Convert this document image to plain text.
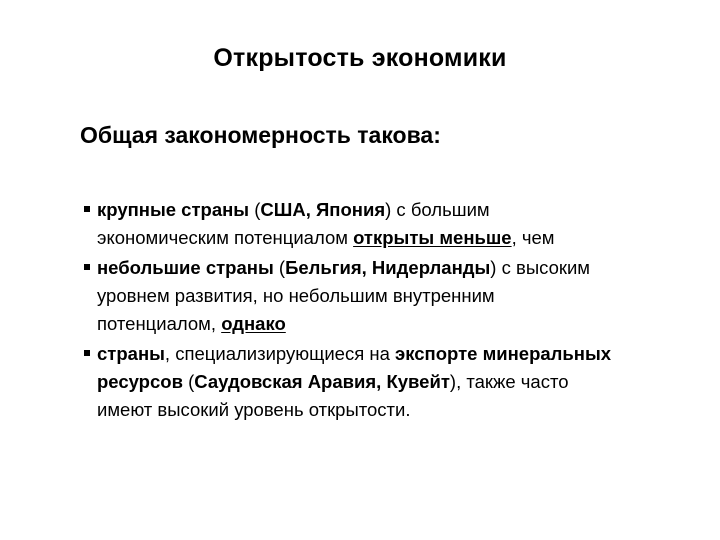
Открытость экономики
Общая закономерность такова:
крупные страны (США, Япония) с большим
экономическим потенциалом открыты меньше, чем
небольшие страны (Бельгия, Нидерланды) с высоким
уровнем развития, но небольшим внутренним
потенциалом, однако
страны, специализирующиеся на экспорте минеральных
ресурсов (Саудовская Аравия, Кувейт), также часто
имеют высокий уровень открытости.
